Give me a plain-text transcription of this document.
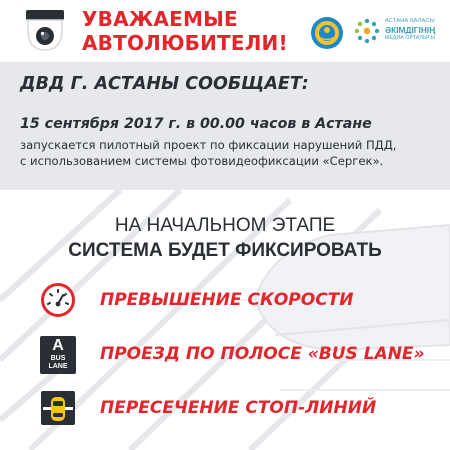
УВАЖАЕМЫЕ
АВТОЛЮБИТЕЛИ!
АСТАНА ҚАЛАСЫ
ӘКІМДІГІНІҢ
МЕДИА ОРТАЛЫҒЫ
ДВД Г. АСТАНЫ СООБЩАЕТ:
15 сентября 2017 г. в 00.00 часов в Астане
запускается пилотный проект по фиксации нарушений ПДД,
с использованием системы фотовидеофиксации «Сергек».
НА НАЧАЛЬНОМ ЭТАПЕ
СИСТЕМА БУДЕТ ФИКСИРОВАТЬ
ПРЕВЫШЕНИЕ СКОРОСТИ
A
BUS
LANE
ПРОЕЗД ПО ПОЛОСЕ «BUS LANE»
ПЕРЕСЕЧЕНИЕ СТОП-ЛИНИЙ
